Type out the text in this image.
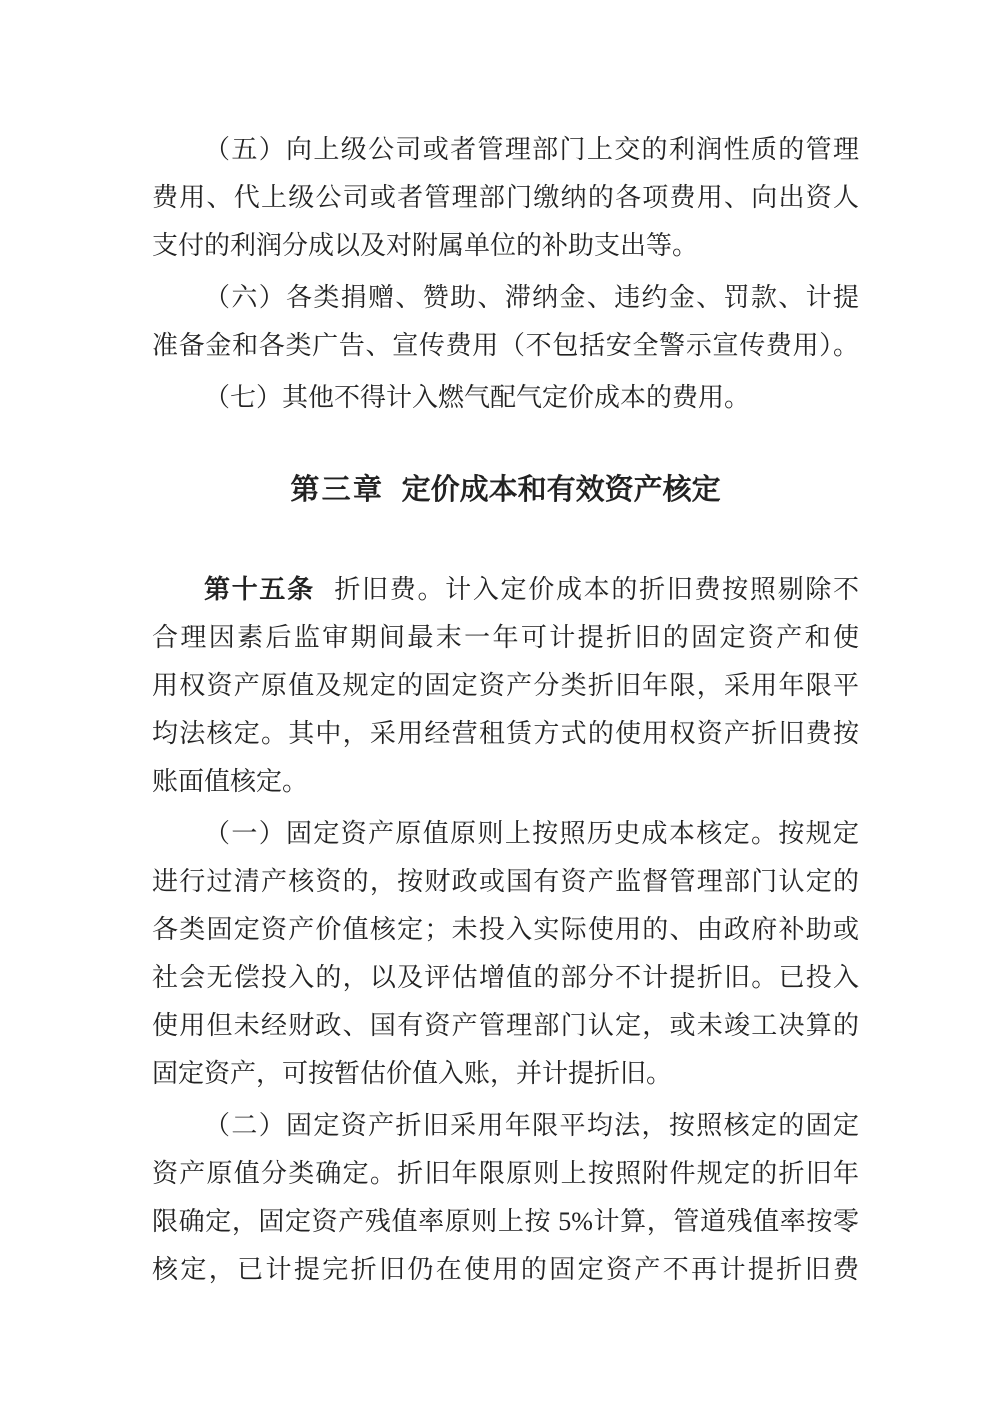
（五）向上级公司或者管理部门上交的利润性质的管理
费用、代上级公司或者管理部门缴纳的各项费用、向出资人
支付的利润分成以及对附属单位的补助支出等。
（六）各类捐赠、赞助、滞纳金、违约金、罚款、计提
准备金和各类广告、宣传费用（不包括安全警示宣传费用）。
（七）其他不得计入燃气配气定价成本的费用。
第三章 定价成本和有效资产核定
第十五条 折旧费。计入定价成本的折旧费按照剔除不
合理因素后监审期间最末一年可计提折旧的固定资产和使
用权资产原值及规定的固定资产分类折旧年限，采用年限平
均法核定。其中，采用经营租赁方式的使用权资产折旧费按
账面值核定。
（一）固定资产原值原则上按照历史成本核定。按规定
进行过清产核资的，按财政或国有资产监督管理部门认定的
各类固定资产价值核定；未投入实际使用的、由政府补助或
社会无偿投入的，以及评估增值的部分不计提折旧。已投入
使用但未经财政、国有资产管理部门认定，或未竣工决算的
固定资产，可按暂估价值入账，并计提折旧。
（二）固定资产折旧采用年限平均法，按照核定的固定
资产原值分类确定。折旧年限原则上按照附件规定的折旧年
限确定，固定资产残值率原则上按 5%计算，管道残值率按零
核定，已计提完折旧仍在使用的固定资产不再计提折旧费
